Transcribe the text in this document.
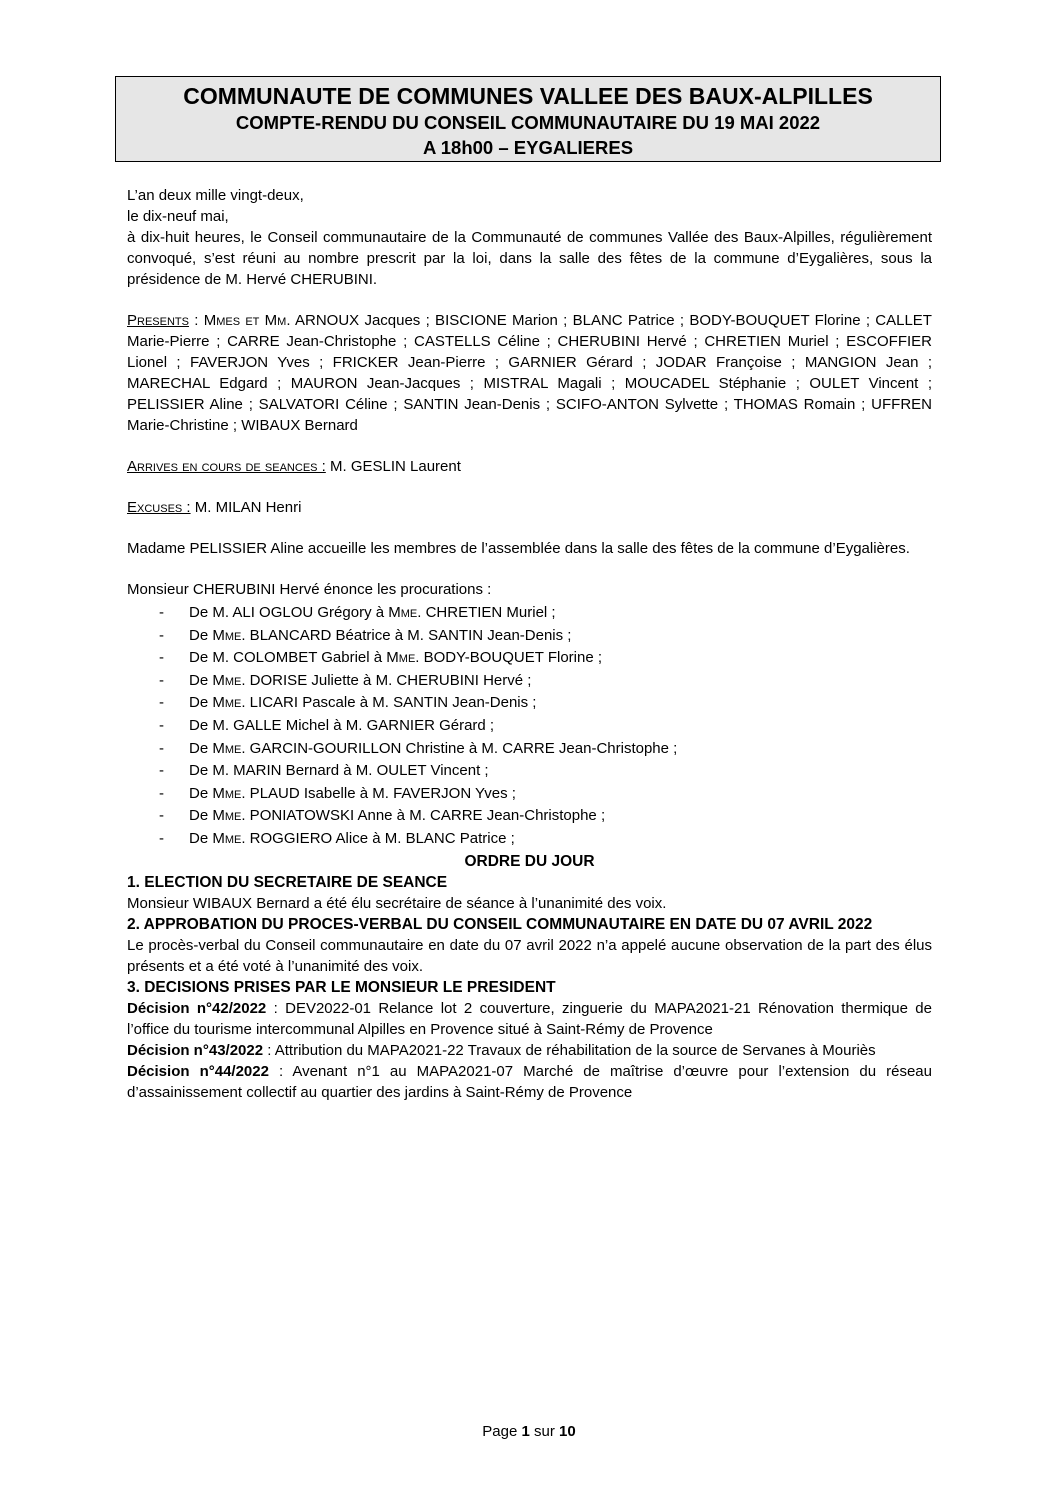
COMMUNAUTE DE COMMUNES VALLEE DES BAUX-ALPILLES
COMPTE-RENDU DU CONSEIL COMMUNAUTAIRE DU 19 MAI 2022
A 18h00 – EYGALIERES

L’an deux mille vingt-deux,

le dix-neuf mai,

à dix-huit heures, le Conseil communautaire de la Communauté de communes Vallée des Baux-Alpilles, régulièrement convoqué, s’est réuni au nombre prescrit par la loi, dans la salle des fêtes de la commune d’Eygalières, sous la présidence de M. Hervé CHERUBINI.

Presents : Mmes et Mm. ARNOUX Jacques ; BISCIONE Marion ; BLANC Patrice ; BODY-BOUQUET Florine ; CALLET Marie-Pierre ; CARRE Jean-Christophe ; CASTELLS Céline ; CHERUBINI Hervé ; CHRETIEN Muriel ; ESCOFFIER Lionel ; FAVERJON Yves ; FRICKER Jean-Pierre ; GARNIER Gérard ; JODAR Françoise ; MANGION Jean ; MARECHAL Edgard ; MAURON Jean-Jacques ; MISTRAL Magali ; MOUCADEL Stéphanie ; OULET Vincent ; PELISSIER Aline ; SALVATORI Céline ; SANTIN Jean-Denis ; SCIFO-ANTON Sylvette ; THOMAS Romain ; UFFREN Marie-Christine ; WIBAUX Bernard

Arrives en cours de seances : M. GESLIN Laurent

Excuses : M. MILAN Henri

Madame PELISSIER Aline accueille les membres de l’assemblée dans la salle des fêtes de la commune d’Eygalières.

Monsieur CHERUBINI Hervé énonce les procurations :

- De M. ALI OGLOU Grégory à Mme. CHRETIEN Muriel ;
- De Mme. BLANCARD Béatrice à M. SANTIN Jean-Denis ;
- De M. COLOMBET Gabriel à Mme. BODY-BOUQUET Florine ;
- De Mme. DORISE Juliette à M. CHERUBINI Hervé ;
- De Mme. LICARI Pascale à M. SANTIN Jean-Denis ;
- De M. GALLE Michel à M. GARNIER Gérard ;
- De Mme. GARCIN-GOURILLON Christine à M. CARRE Jean-Christophe ;
- De M. MARIN Bernard à M. OULET Vincent ;
- De Mme. PLAUD Isabelle à M. FAVERJON Yves ;
- De Mme. PONIATOWSKI Anne à M. CARRE Jean-Christophe ;
- De Mme. ROGGIERO Alice à M. BLANC Patrice ;

ORDRE DU JOUR

1. ELECTION DU SECRETAIRE DE SEANCE

Monsieur WIBAUX Bernard a été élu secrétaire de séance à l’unanimité des voix.

2. APPROBATION DU PROCES-VERBAL DU CONSEIL COMMUNAUTAIRE EN DATE DU 07 AVRIL 2022

Le procès-verbal du Conseil communautaire en date du 07 avril 2022 n’a appelé aucune observation de la part des élus présents et a été voté à l’unanimité des voix.

3. DECISIONS PRISES PAR LE MONSIEUR LE PRESIDENT

Décision n°42/2022 : DEV2022-01 Relance lot 2 couverture, zinguerie du MAPA2021-21 Rénovation thermique de l’office du tourisme intercommunal Alpilles en Provence situé à Saint-Rémy de Provence

Décision n°43/2022 : Attribution du MAPA2021-22 Travaux de réhabilitation de la source de Servanes à Mouriès

Décision n°44/2022 : Avenant n°1 au MAPA2021-07 Marché de maîtrise d’œuvre pour l’extension du réseau d’assainissement collectif au quartier des jardins à Saint-Rémy de Provence

Page 1 sur 10
